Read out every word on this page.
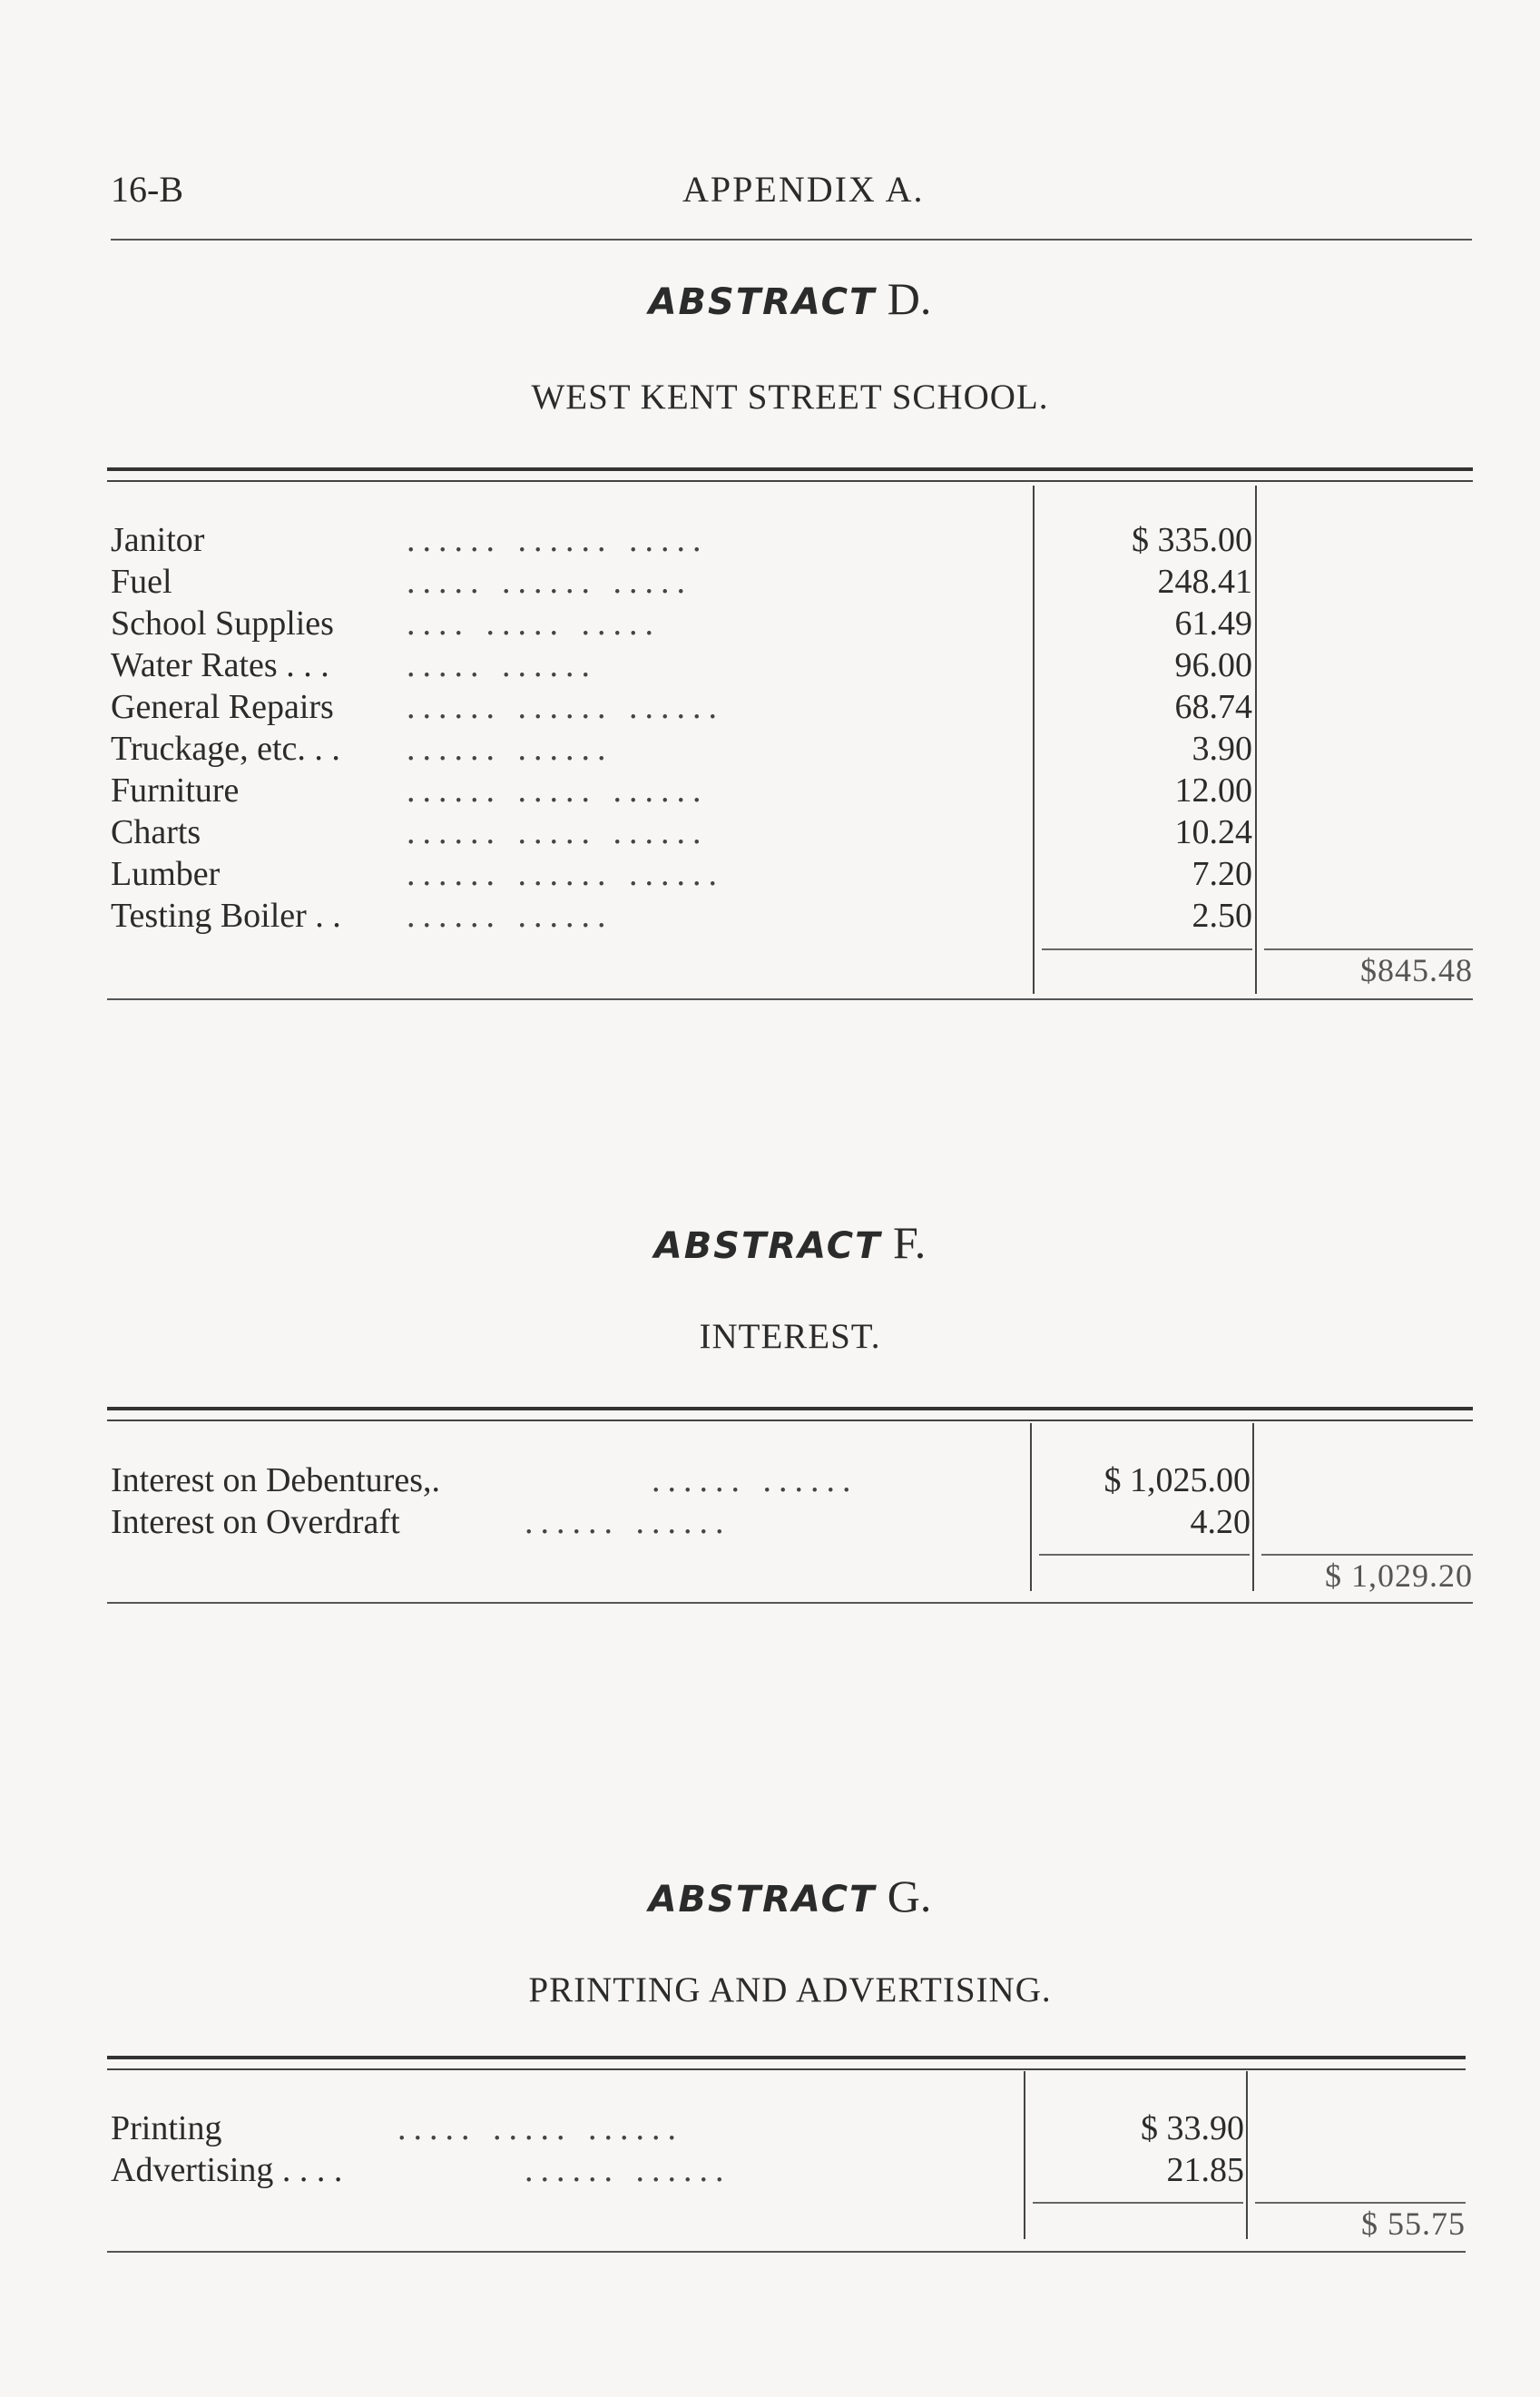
16-B	APPENDIX A.
ABSTRACT D.
WEST KENT STREET SCHOOL.
Janitor	...... ...... .....	$ 335.00
Fuel	..... ...... .....	248.41
School Supplies .... ..... .....	61.49
Water Rates . . . ..... ......	96.00
General Repairs ...... ...... ......	68.74
Truckage, etc. . . ...... ......	3.90
Furniture	...... ..... ......	12.00
Charts	...... ..... ......	10.24
Lumber	...... ...... ......	7.20
Testing Boiler . . ...... ......	2.50
$845.48
ABSTRACT F.
INTEREST.
Interest on Debentures,.	...... ......	$ 1,025.00
Interest on Overdraft	...... ......	4.20
$ 1,029.20
ABSTRACT G.
PRINTING AND ADVERTISING.
Printing	..... ..... ......	$ 33.90
Advertising . . . .	...... ......	21.85
$ 55.75
